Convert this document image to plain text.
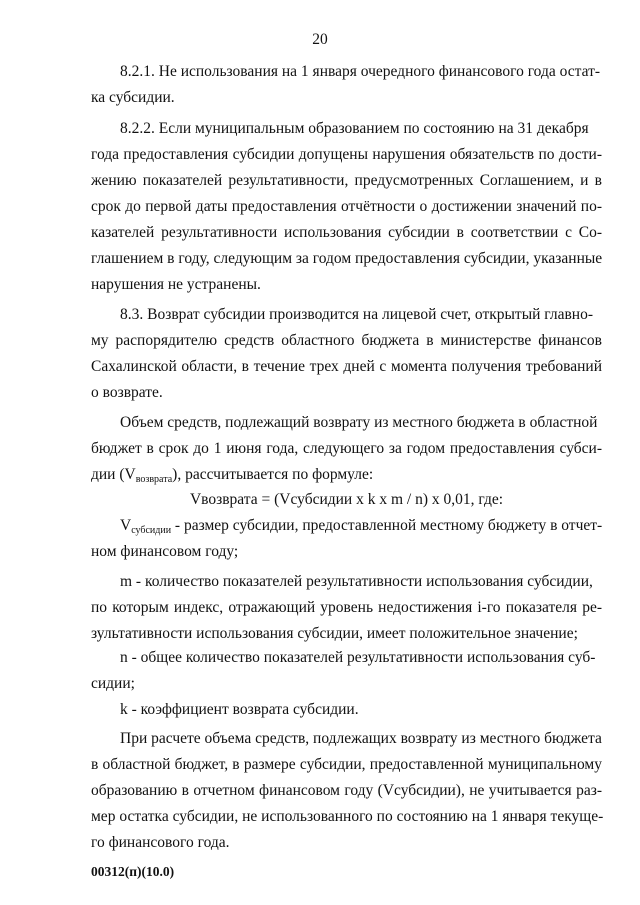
20
8.2.1. Не использования на 1 января очередного финансового года остат-
ка субсидии.
8.2.2. Если муниципальным образованием по состоянию на 31 декабря
года предоставления субсидии допущены нарушения обязательств по дости-
жению показателей результативности, предусмотренных Соглашением, и в
срок до первой даты предоставления отчётности о достижении значений по-
казателей результативности использования субсидии в соответствии с Со-
глашением в году, следующим за годом предоставления субсидии, указанные
нарушения не устранены.
8.3. Возврат субсидии производится на лицевой счет, открытый главно-
му распорядителю средств областного бюджета в министерстве финансов
Сахалинской области, в течение трех дней с момента получения требований
о возврате.
Объем средств, подлежащий возврату из местного бюджета в областной
бюджет в срок до 1 июня года, следующего за годом предоставления субси-
дии $(V_{возврата})$, рассчитывается по формуле:
Vвозврата = (Vсубсидии x k x m / n) x 0,01, где:
$V_{субсидии}$ - размер субсидии, предоставленной местному бюджету в отчет-
ном финансовом году;
m - количество показателей результативности использования субсидии,
по которым индекс, отражающий уровень недостижения i-го показателя ре-
зультативности использования субсидии, имеет положительное значение;
n - общее количество показателей результативности использования суб-
сидии;
k - коэффициент возврата субсидии.
При расчете объема средств, подлежащих возврату из местного бюджета
в областной бюджет, в размере субсидии, предоставленной муниципальному
образованию в отчетном финансовом году (Vсубсидии), не учитывается раз-
мер остатка субсидии, не использованного по состоянию на 1 января текуще-
го финансового года.
00312(п)(10.0)
